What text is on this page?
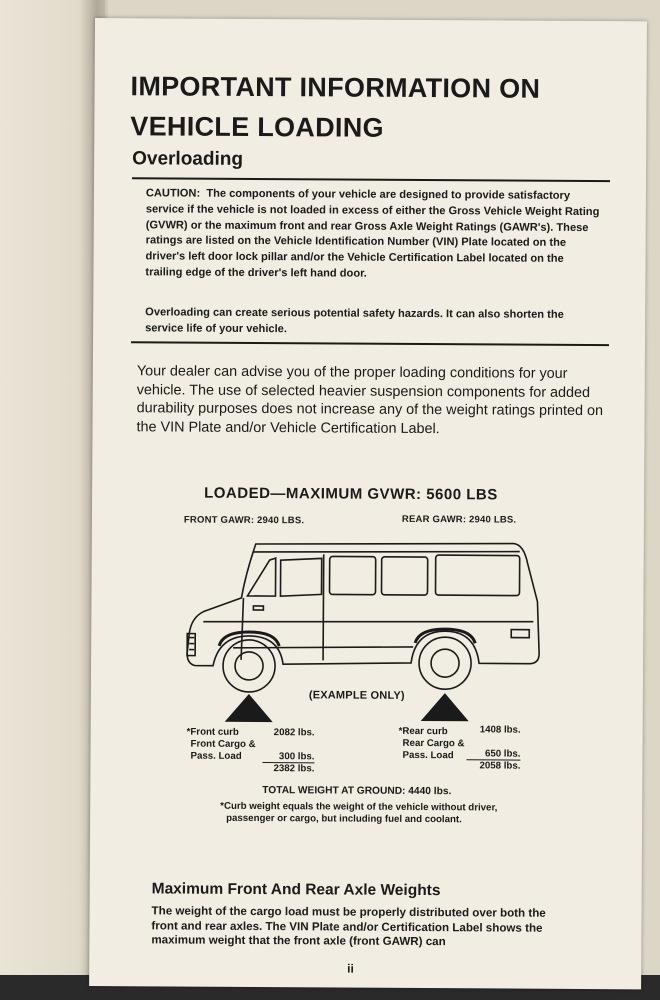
IMPORTANT INFORMATION ON
VEHICLE LOADING
Overloading

CAUTION: The components of your vehicle are designed to provide satisfactory service if the vehicle is not loaded in excess of either the Gross Vehicle Weight Rating (GVWR) or the maximum front and rear Gross Axle Weight Ratings (GAWR's). These ratings are listed on the Vehicle Identification Number (VIN) Plate located on the driver's left door lock pillar and/or the Vehicle Certification Label located on the trailing edge of the driver's left hand door.

Overloading can create serious potential safety hazards. It can also shorten the service life of your vehicle.

Your dealer can advise you of the proper loading conditions for your vehicle. The use of selected heavier suspension components for added durability purposes does not increase any of the weight ratings printed on the VIN Plate and/or Vehicle Certification Label.

LOADED—MAXIMUM GVWR: 5600 LBS
FRONT GAWR: 2940 LBS.	REAR GAWR: 2940 LBS.
(EXAMPLE ONLY)
*Front curb
Front Cargo &
Pass. Load
2082 lbs.
300 lbs.
2382 lbs.
*Rear curb
Rear Cargo &
Pass. Load
1408 lbs.
650 lbs.
2058 lbs.
TOTAL WEIGHT AT GROUND: 4440 lbs.
*Curb weight equals the weight of the vehicle without driver,
passenger or cargo, but including fuel and coolant.
Maximum Front And Rear Axle Weights

The weight of the cargo load must be properly distributed over both the front and rear axles. The VIN Plate and/or Certification Label shows the maximum weight that the front axle (front GAWR) can

ii
